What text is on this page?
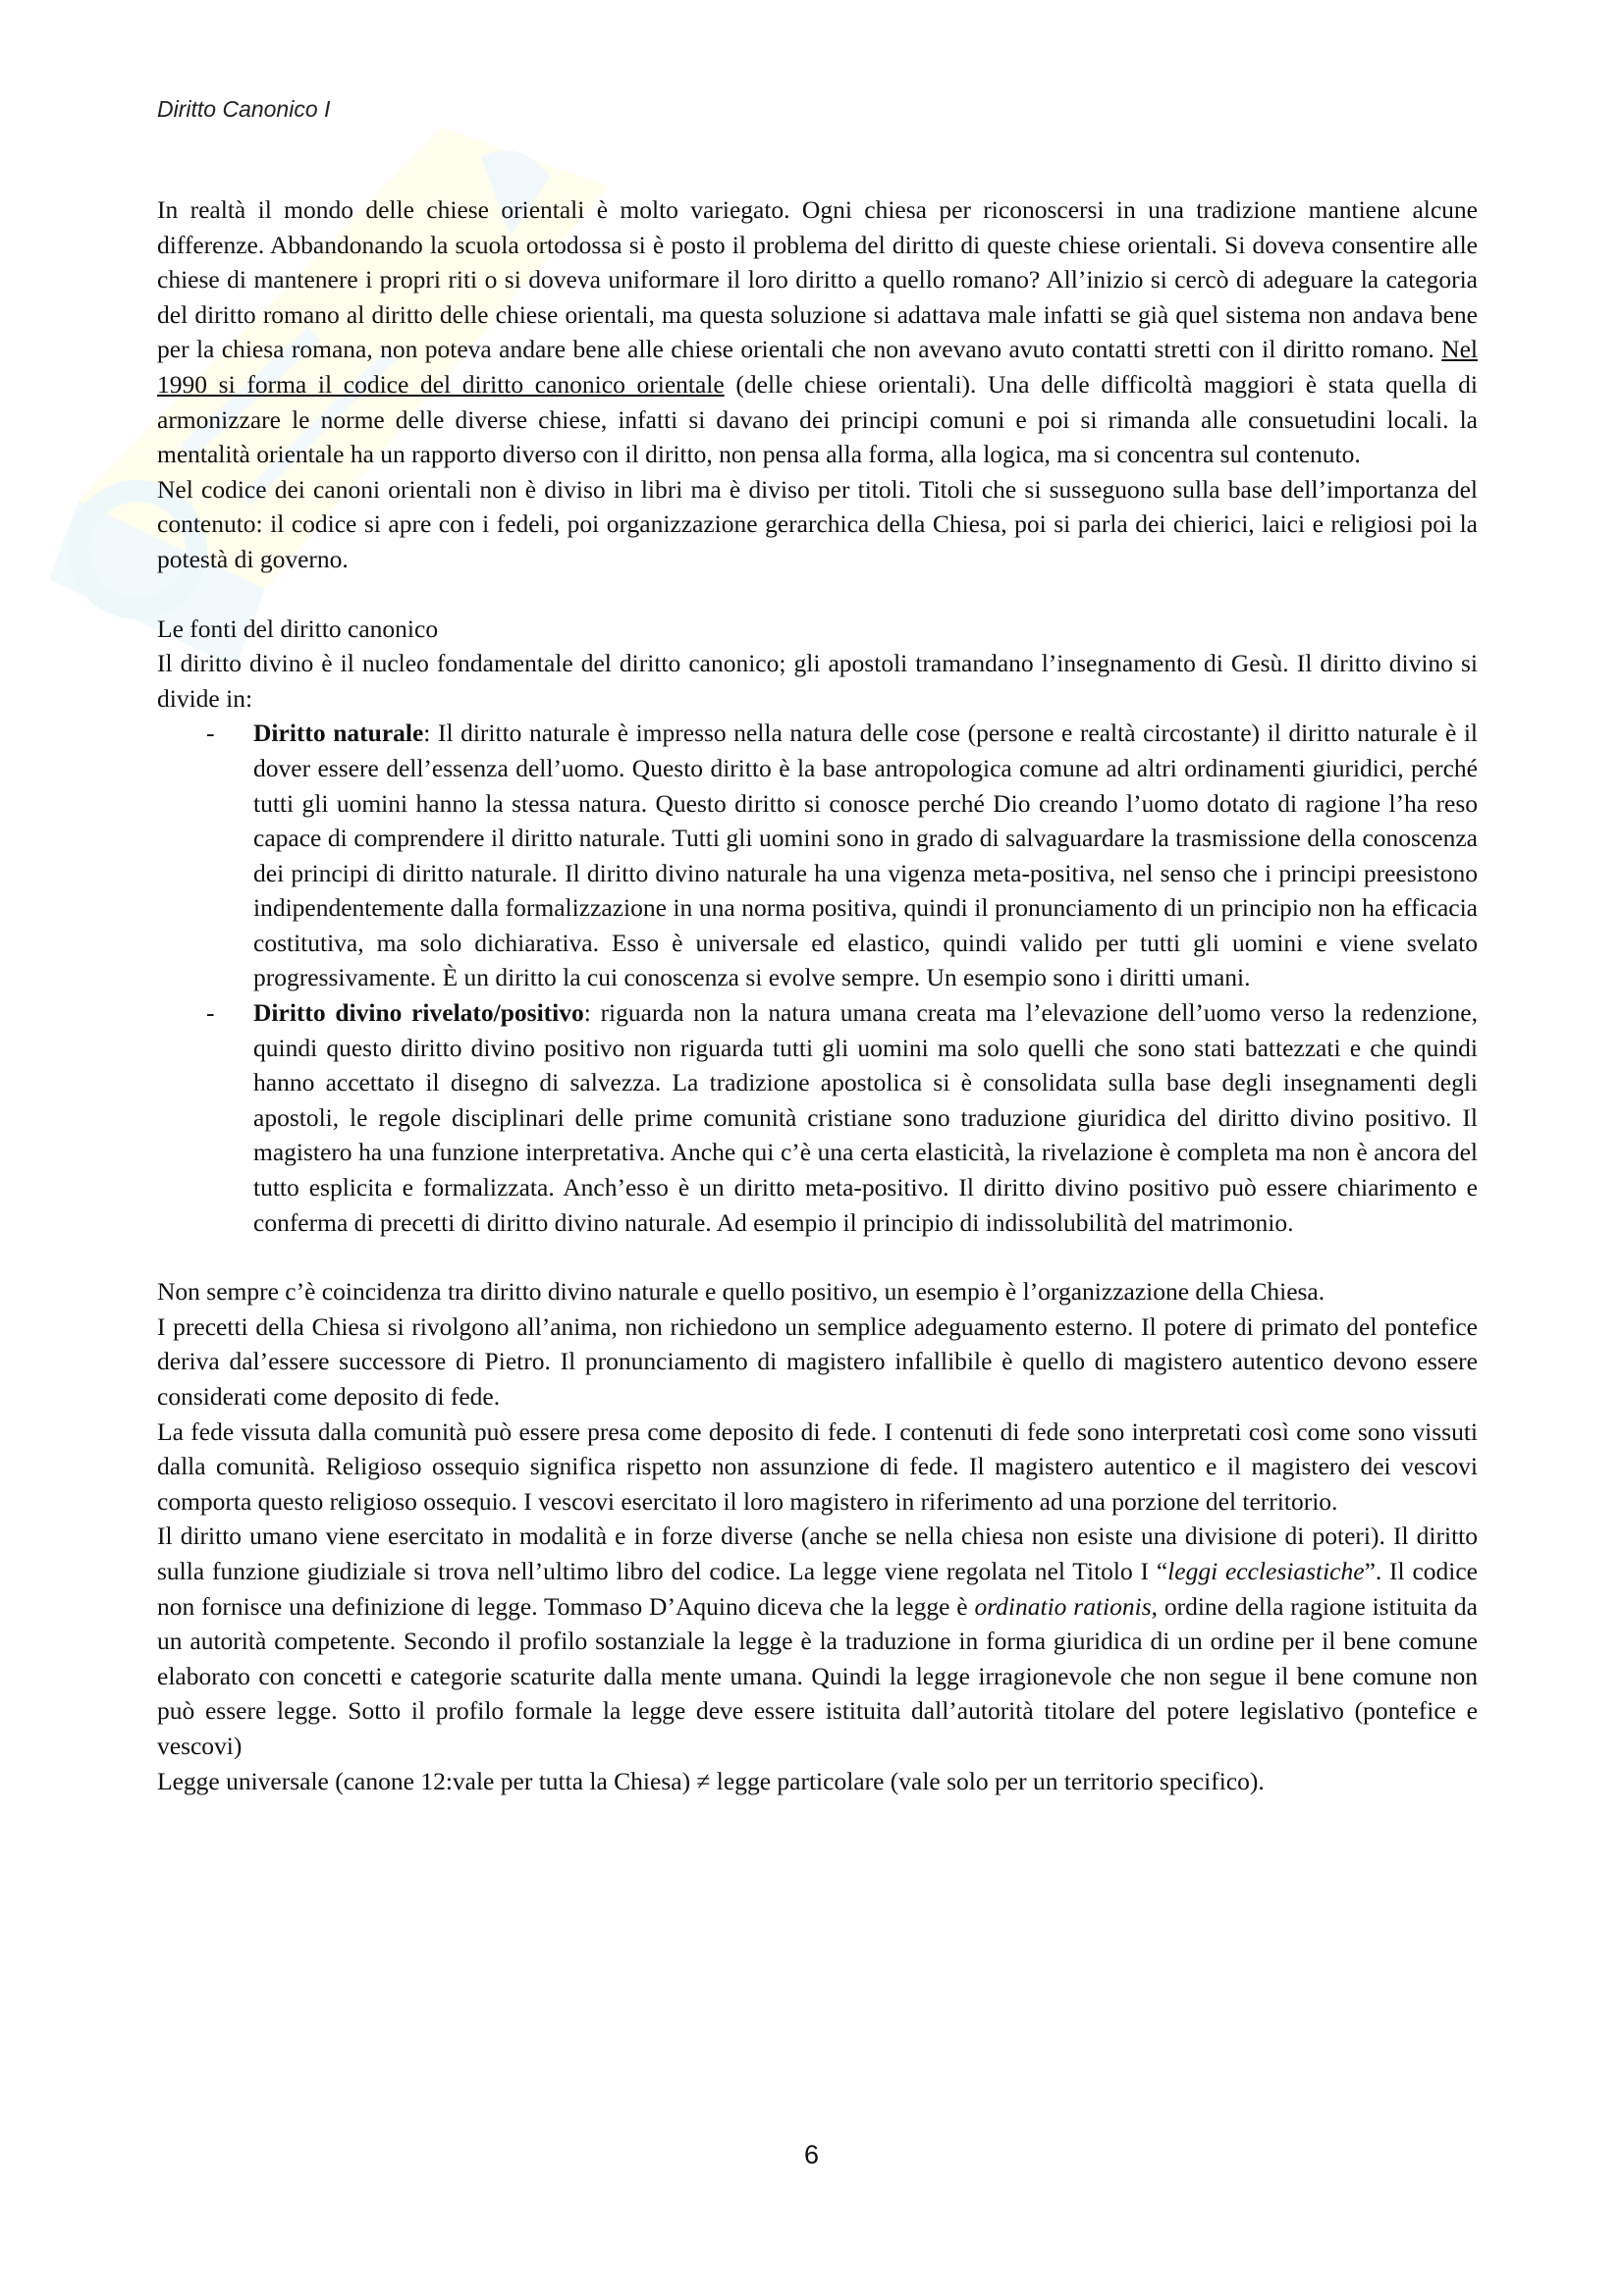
Diritto Canonico I

In realtà il mondo delle chiese orientali è molto variegato. Ogni chiesa per riconoscersi in una tradizione mantiene alcune differenze. Abbandonando la scuola ortodossa si è posto il problema del diritto di queste chiese orientali. Si doveva consentire alle chiese di mantenere i propri riti o si doveva uniformare il loro diritto a quello romano? All’inizio si cercò di adeguare la categoria del diritto romano al diritto delle chiese orientali, ma questa soluzione si adattava male infatti se già quel sistema non andava bene per la chiesa romana, non poteva andare bene alle chiese orientali che non avevano avuto contatti stretti con il diritto romano. Nel 1990 si forma il codice del diritto canonico orientale (delle chiese orientali). Una delle difficoltà maggiori è stata quella di armonizzare le norme delle diverse chiese, infatti si davano dei principi comuni e poi si rimanda alle consuetudini locali. la mentalità orientale ha un rapporto diverso con il diritto, non pensa alla forma, alla logica, ma si concentra sul contenuto.

Nel codice dei canoni orientali non è diviso in libri ma è diviso per titoli. Titoli che si susseguono sulla base dell’importanza del contenuto: il codice si apre con i fedeli, poi organizzazione gerarchica della Chiesa, poi si parla dei chierici, laici e religiosi poi la potestà di governo.

Le fonti del diritto canonico

Il diritto divino è il nucleo fondamentale del diritto canonico; gli apostoli tramandano l’insegnamento di Gesù. Il diritto divino si divide in:

- Diritto naturale: Il diritto naturale è impresso nella natura delle cose (persone e realtà circostante) il diritto naturale è il dover essere dell’essenza dell’uomo. Questo diritto è la base antropologica comune ad altri ordinamenti giuridici, perché tutti gli uomini hanno la stessa natura. Questo diritto si conosce perché Dio creando l’uomo dotato di ragione l’ha reso capace di comprendere il diritto naturale. Tutti gli uomini sono in grado di salvaguardare la trasmissione della conoscenza dei principi di diritto naturale. Il diritto divino naturale ha una vigenza meta-positiva, nel senso che i principi preesistono indipendentemente dalla formalizzazione in una norma positiva, quindi il pronunciamento di un principio non ha efficacia costitutiva, ma solo dichiarativa. Esso è universale ed elastico, quindi valido per tutti gli uomini e viene svelato progressivamente. È un diritto la cui conoscenza si evolve sempre. Un esempio sono i diritti umani.
- Diritto divino rivelato/positivo: riguarda non la natura umana creata ma l’elevazione dell’uomo verso la redenzione, quindi questo diritto divino positivo non riguarda tutti gli uomini ma solo quelli che sono stati battezzati e che quindi hanno accettato il disegno di salvezza. La tradizione apostolica si è consolidata sulla base degli insegnamenti degli apostoli, le regole disciplinari delle prime comunità cristiane sono traduzione giuridica del diritto divino positivo. Il magistero ha una funzione interpretativa. Anche qui c’è una certa elasticità, la rivelazione è completa ma non è ancora del tutto esplicita e formalizzata. Anch’esso è un diritto meta-positivo. Il diritto divino positivo può essere chiarimento e conferma di precetti di diritto divino naturale. Ad esempio il principio di indissolubilità del matrimonio.

Non sempre c’è coincidenza tra diritto divino naturale e quello positivo, un esempio è l’organizzazione della Chiesa.

I precetti della Chiesa si rivolgono all’anima, non richiedono un semplice adeguamento esterno. Il potere di primato del pontefice deriva dal’essere successore di Pietro. Il pronunciamento di magistero infallibile è quello di magistero autentico devono essere considerati come deposito di fede.

La fede vissuta dalla comunità può essere presa come deposito di fede. I contenuti di fede sono interpretati così come sono vissuti dalla comunità. Religioso ossequio significa rispetto non assunzione di fede. Il magistero autentico e il magistero dei vescovi comporta questo religioso ossequio. I vescovi esercitato il loro magistero in riferimento ad una porzione del territorio.

Il diritto umano viene esercitato in modalità e in forze diverse (anche se nella chiesa non esiste una divisione di poteri). Il diritto sulla funzione giudiziale si trova nell’ultimo libro del codice. La legge viene regolata nel Titolo I “leggi ecclesiastiche”. Il codice non fornisce una definizione di legge. Tommaso D’Aquino diceva che la legge è ordinatio rationis, ordine della ragione istituita da un autorità competente. Secondo il profilo sostanziale la legge è la traduzione in forma giuridica di un ordine per il bene comune elaborato con concetti e categorie scaturite dalla mente umana. Quindi la legge irragionevole che non segue il bene comune non può essere legge. Sotto il profilo formale la legge deve essere istituita dall’autorità titolare del potere legislativo (pontefice e vescovi)

Legge universale (canone 12:vale per tutta la Chiesa) ≠ legge particolare (vale solo per un territorio specifico).

6
